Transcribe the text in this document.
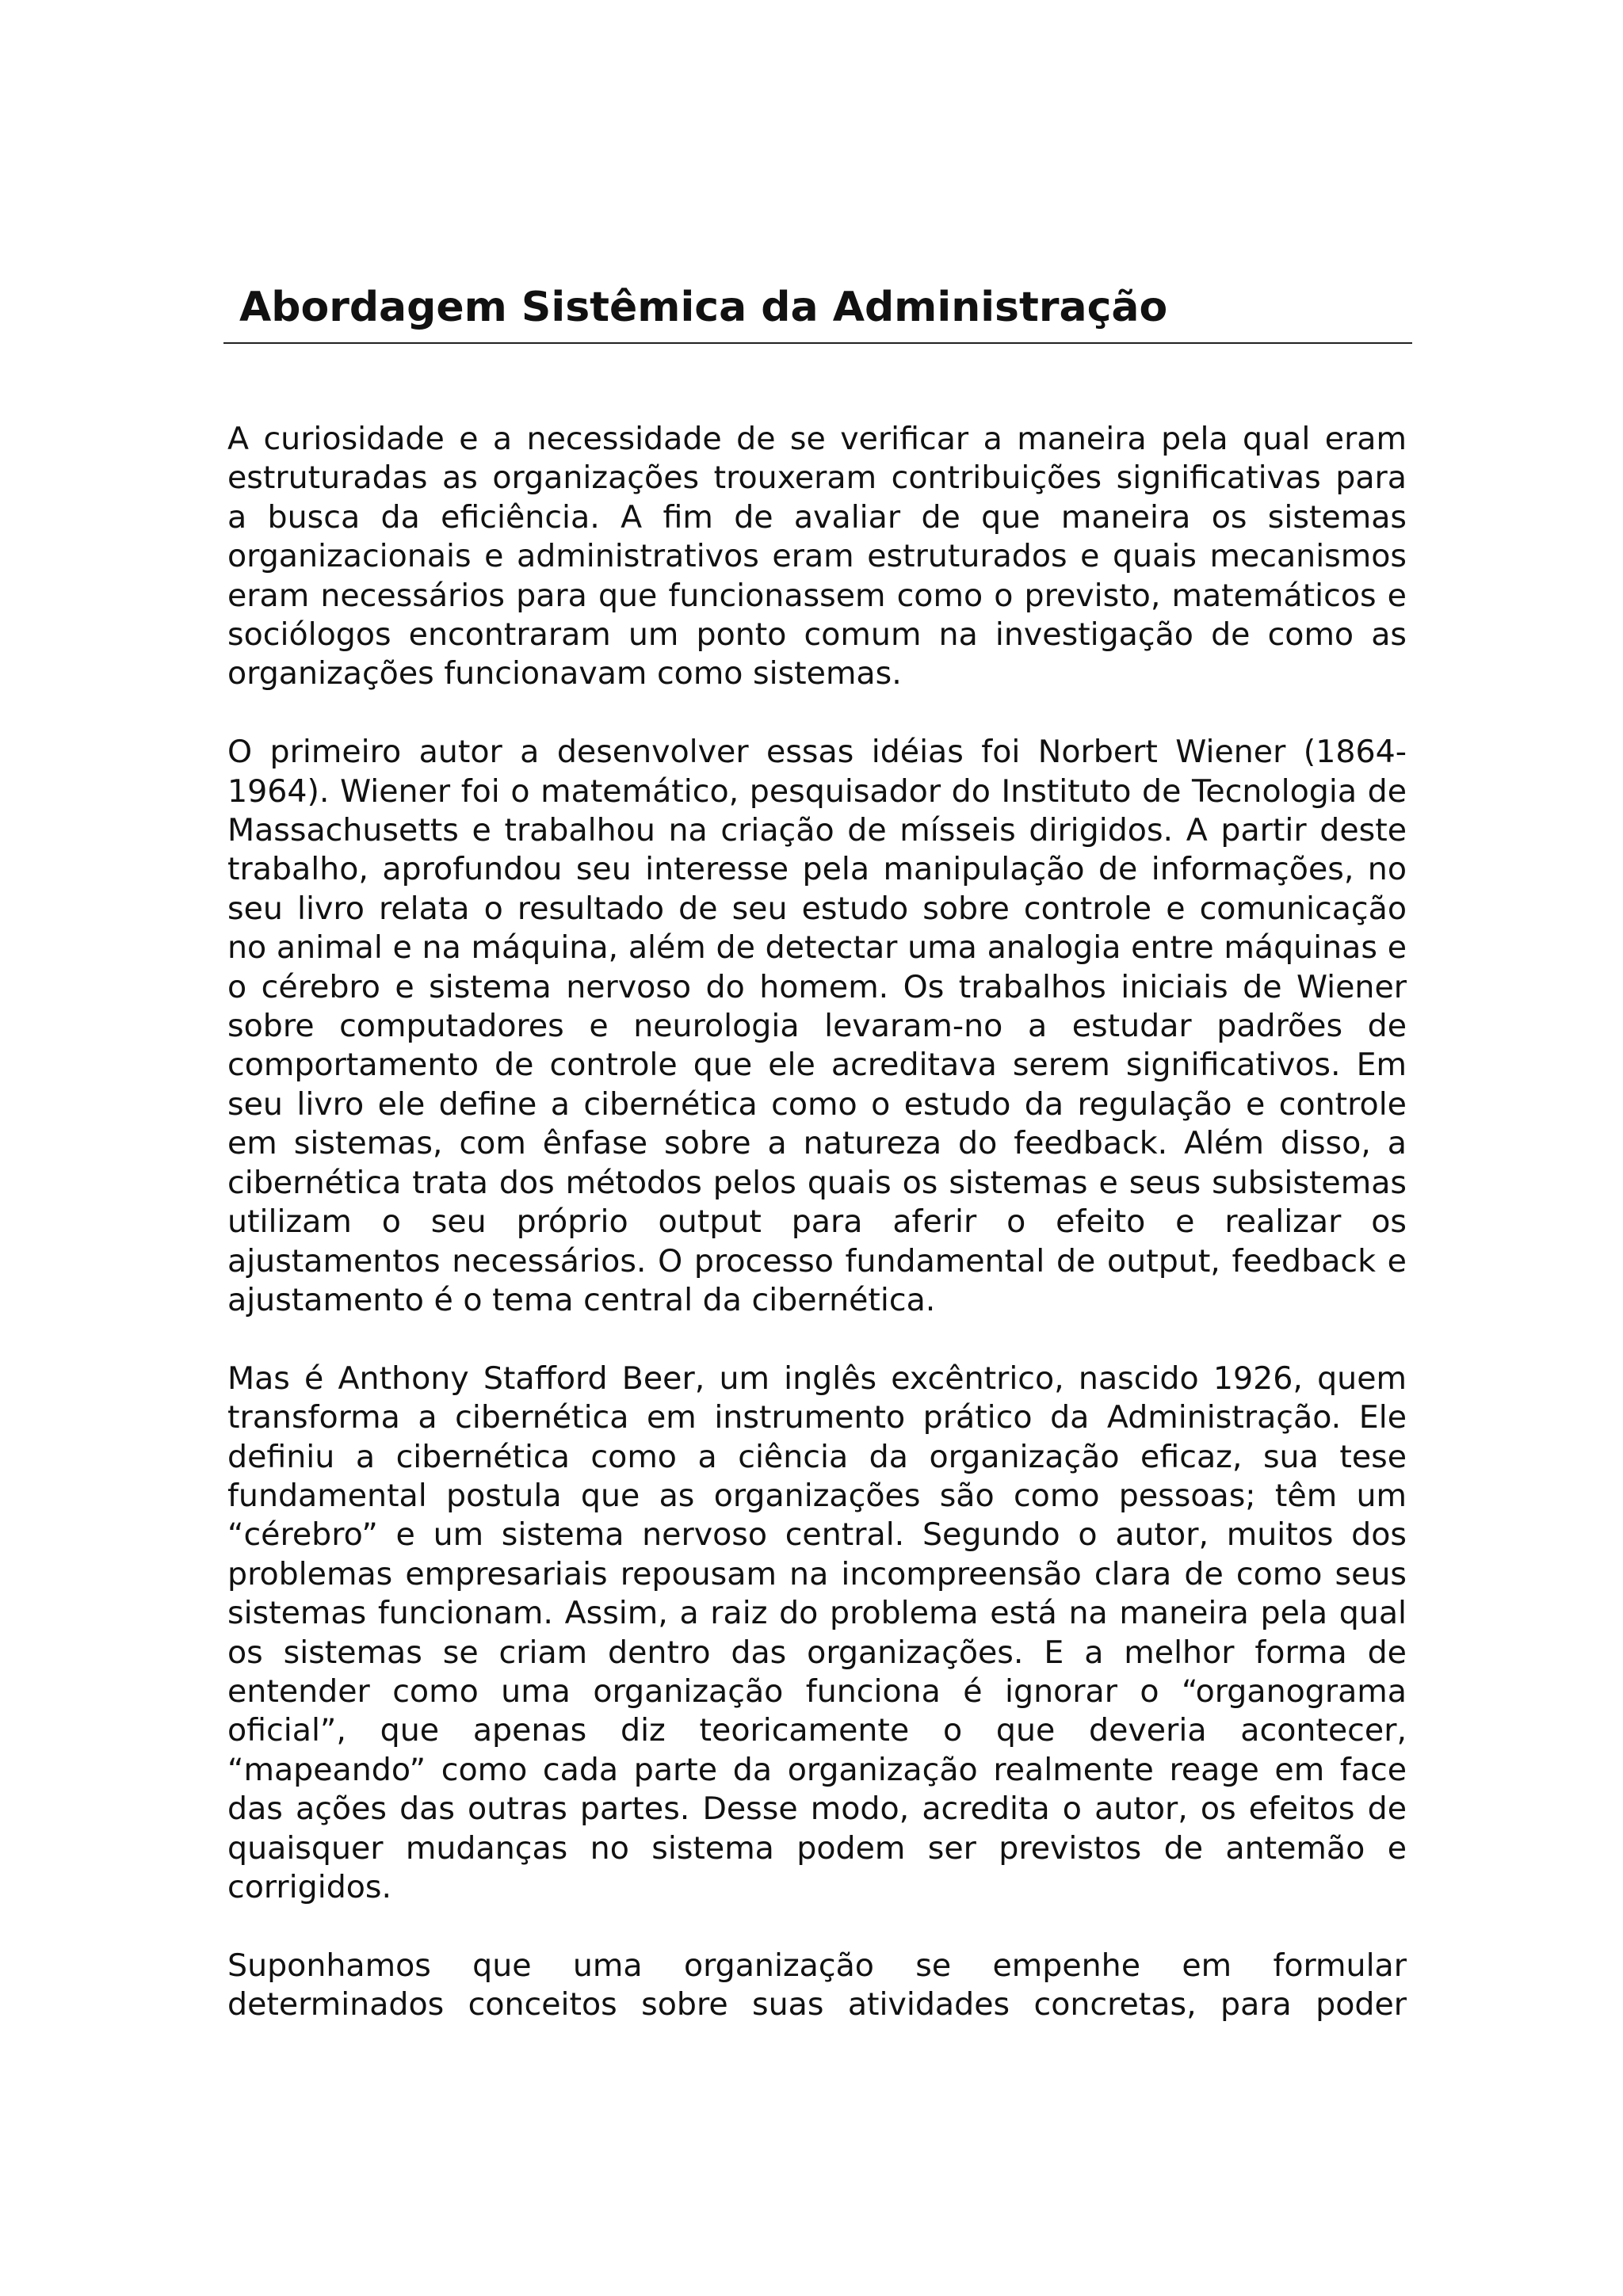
Abordagem Sistêmica da Administração

A curiosidade e a necessidade de se verificar a maneira pela qual eram estruturadas as organizações trouxeram contribuições significativas para a busca da eficiência. A fim de avaliar de que maneira os sistemas organizacionais e administrativos eram estruturados e quais mecanismos eram necessários para que funcionassem como o previsto, matemáticos e sociólogos encontraram um ponto comum na investigação de como as organizações funcionavam como sistemas.

O primeiro autor a desenvolver essas idéias foi Norbert Wiener (1864-1964). Wiener foi o matemático, pesquisador do Instituto de Tecnologia de Massachusetts e trabalhou na criação de mísseis dirigidos. A partir deste trabalho, aprofundou seu interesse pela manipulação de informações, no seu livro relata o resultado de seu estudo sobre controle e comunicação no animal e na máquina, além de detectar uma analogia entre máquinas e o cérebro e sistema nervoso do homem. Os trabalhos iniciais de Wiener sobre computadores e neurologia levaram-no a estudar padrões de comportamento de controle que ele acreditava serem significativos. Em seu livro ele define a cibernética como o estudo da regulação e controle em sistemas, com ênfase sobre a natureza do feedback. Além disso, a cibernética trata dos métodos pelos quais os sistemas e seus subsistemas utilizam o seu próprio output para aferir o efeito e realizar os ajustamentos necessários. O processo fundamental de output, feedback e ajustamento é o tema central da cibernética.

Mas é Anthony Stafford Beer, um inglês excêntrico, nascido 1926, quem transforma a cibernética em instrumento prático da Administração. Ele definiu a cibernética como a ciência da organização eficaz, sua tese fundamental postula que as organizações são como pessoas; têm um “cérebro” e um sistema nervoso central. Segundo o autor, muitos dos problemas empresariais repousam na incompreensão clara de como seus sistemas funcionam. Assim, a raiz do problema está na maneira pela qual os sistemas se criam dentro das organizações. E a melhor forma de entender como uma organização funciona é ignorar o “organograma oficial”, que apenas diz teoricamente o que deveria acontecer, “mapeando” como cada parte da organização realmente reage em face das ações das outras partes. Desse modo, acredita o autor, os efeitos de quaisquer mudanças no sistema podem ser previstos de antemão e corrigidos.

Suponhamos que uma organização se empenhe em formular determinados conceitos sobre suas atividades concretas, para poder
